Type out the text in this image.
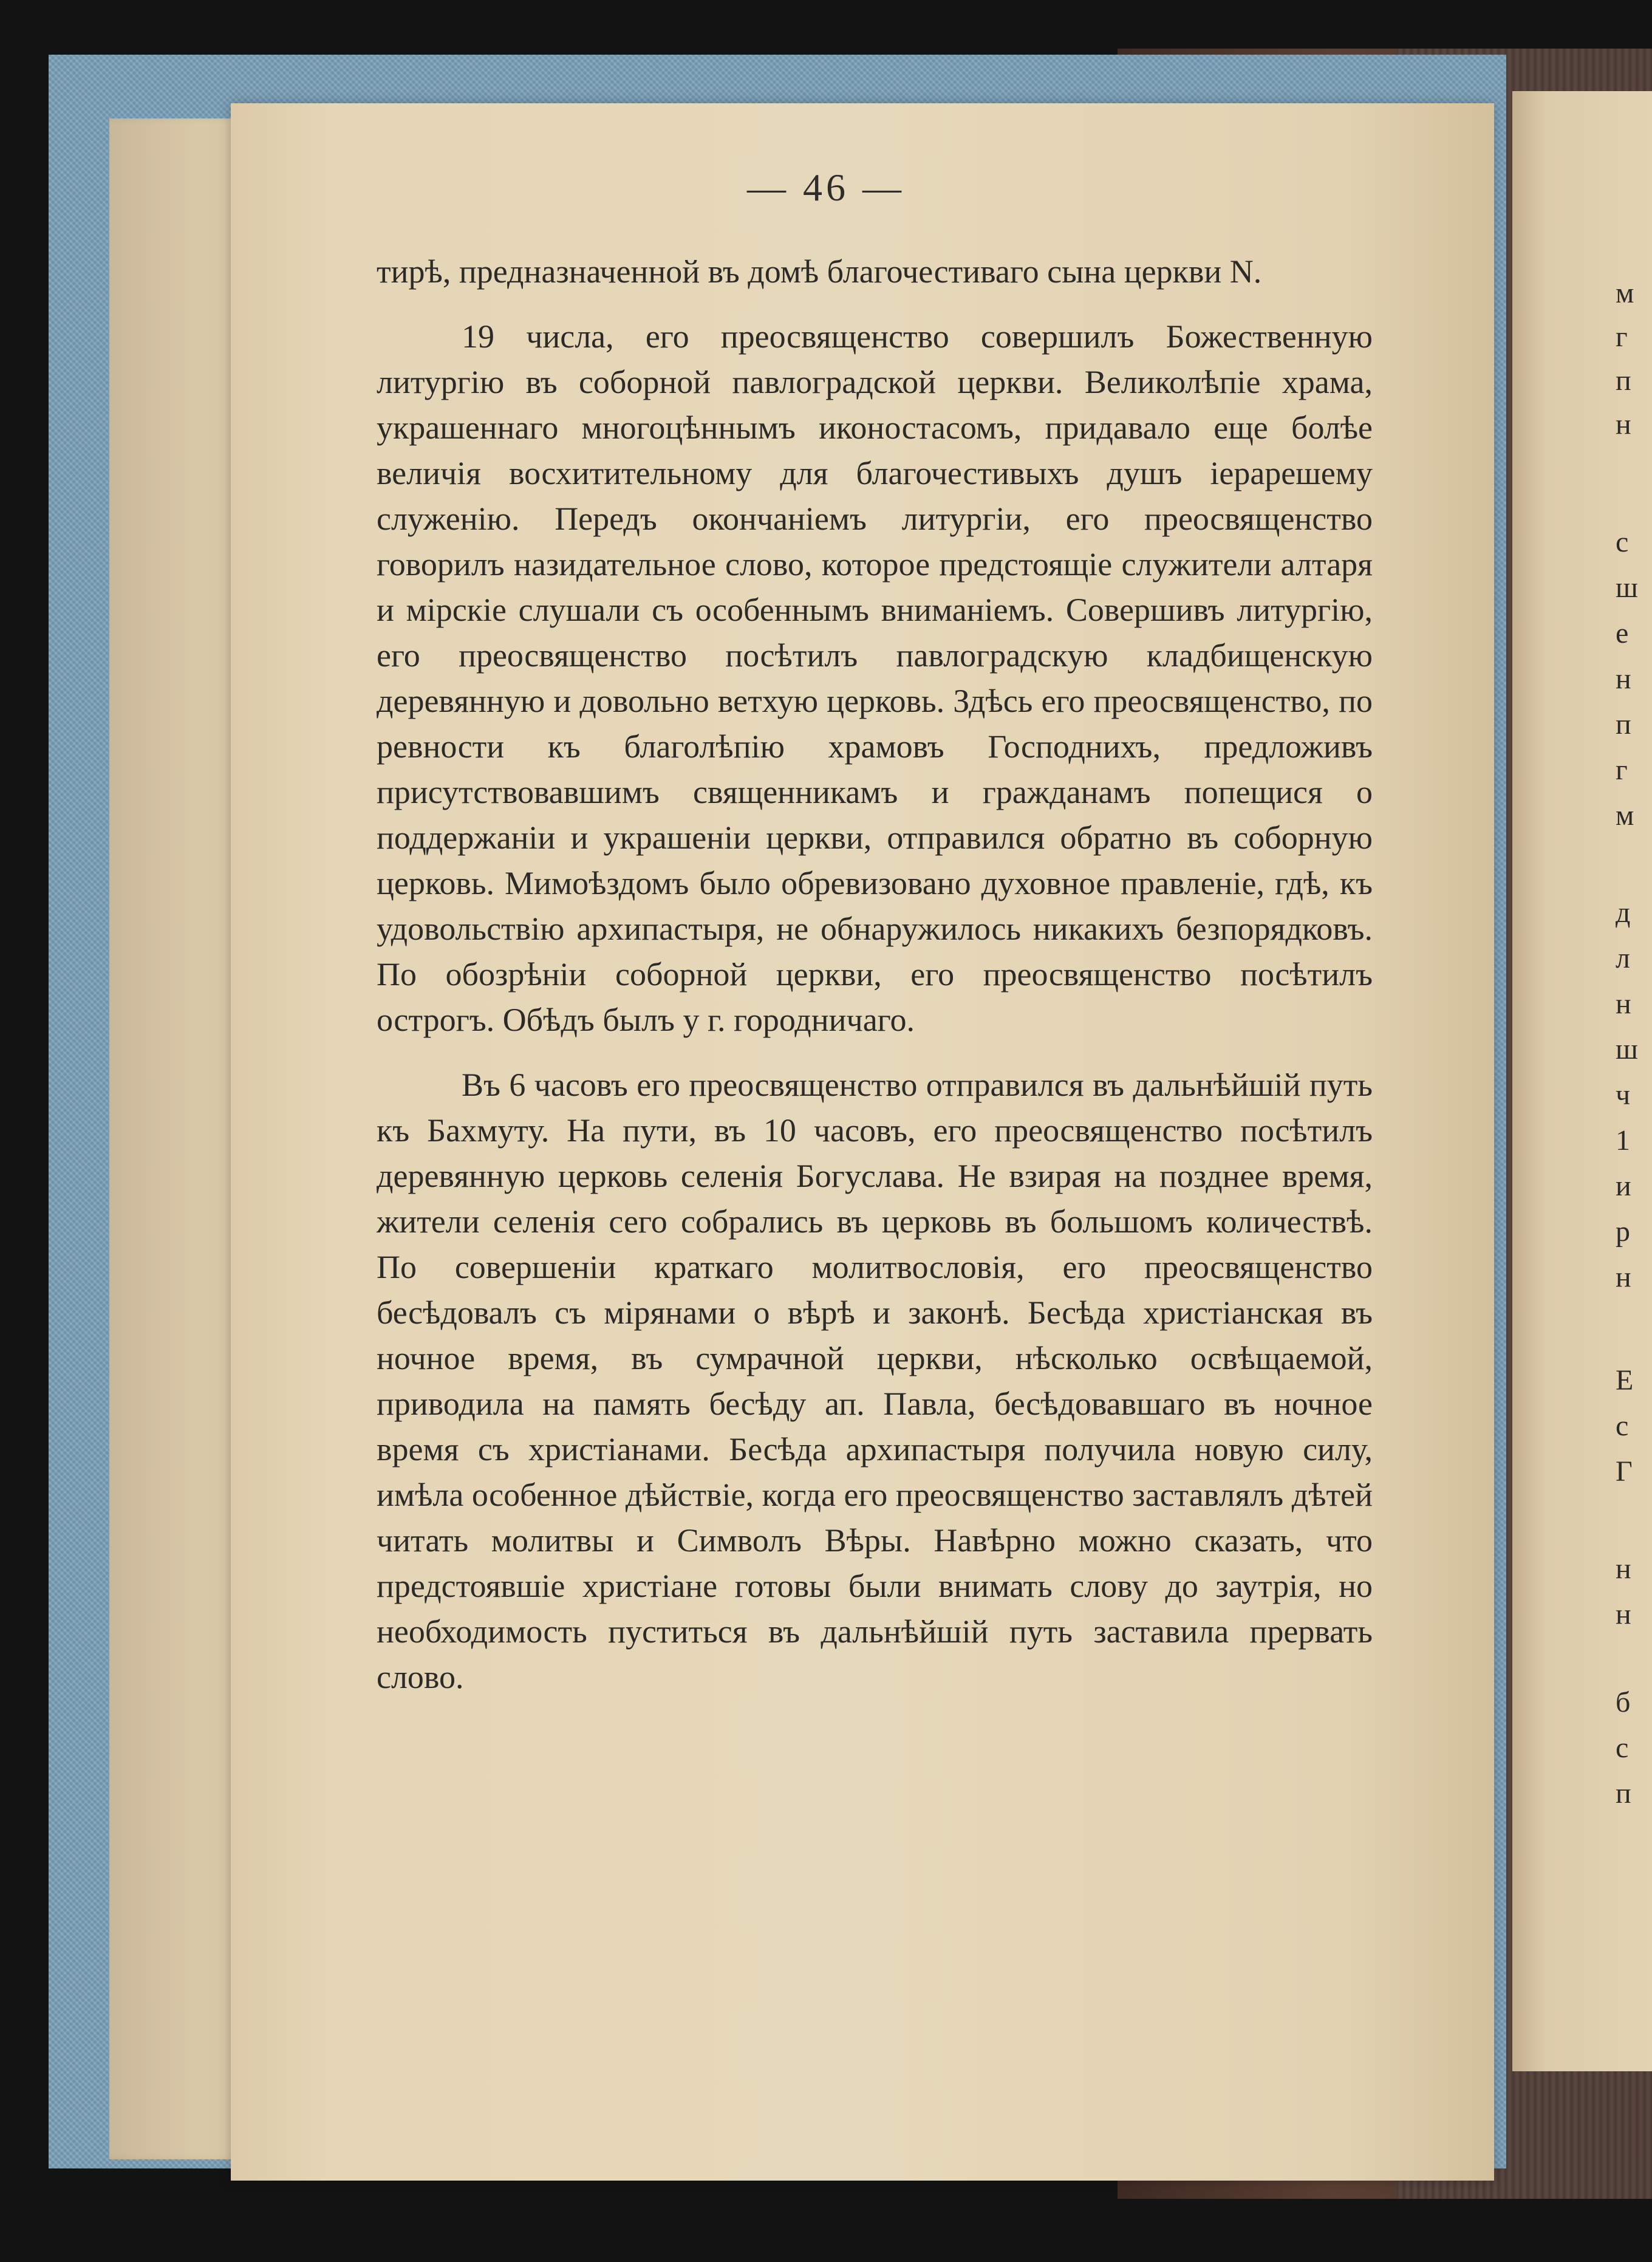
м
г
п
н
с
ш
е
н
п
г
м
д
л
н
ш
ч
1
и
р
н
Е
с
Г
н
н
б
с
п
— 46 —

тирѣ, предназначенной въ домѣ благочестиваго сына церкви N.

19 числа, его преосвященство совершилъ Божественную литургію въ соборной павлоградской церкви. Великолѣпіе храма, украшеннаго многоцѣннымъ иконостасомъ, придавало еще болѣе величія восхитительному для благочестивыхъ душъ іерарешему служенію. Передъ окончаніемъ литургіи, его преосвященство говорилъ назидательное слово, которое предстоящіе служители алтаря и мірскіе слушали съ особеннымъ вниманіемъ. Совершивъ литургію, его преосвященство посѣтилъ павлоградскую кладбищенскую деревянную и довольно ветхую церковь. Здѣсь его преосвященство, по ревности къ благолѣпію храмовъ Господнихъ, предложивъ присутствовавшимъ священникамъ и гражданамъ попещися о поддержаніи и украшеніи церкви, отправился обратно въ соборную церковь. Мимоѣздомъ было обревизовано духовное правленіе, гдѣ, къ удовольствію архипастыря, не обнаружилось никакихъ безпорядковъ. По обозрѣніи соборной церкви, его преосвященство посѣтилъ острогъ. Обѣдъ былъ у г. городничаго.

Въ 6 часовъ его преосвященство отправился въ дальнѣйшій путь къ Бахмуту. На пути, въ 10 часовъ, его преосвященство посѣтилъ деревянную церковь селенія Богуслава. Не взирая на позднее время, жители селенія сего собрались въ церковь въ большомъ количествѣ. По совершеніи краткаго молитвословія, его преосвященство бесѣдовалъ съ мірянами о вѣрѣ и законѣ. Бесѣда христіанская въ ночное время, въ сумрачной церкви, нѣсколько освѣщаемой, приводила на память бесѣду ап. Павла, бесѣдовавшаго въ ночное время съ христіанами. Бесѣда архипастыря получила новую силу, имѣла особенное дѣйствіе, когда его преосвященство заставлялъ дѣтей читать молитвы и Символъ Вѣры. Навѣрно можно сказать, что предстоявшіе христіане готовы были внимать слову до заутрія, но необходимость пуститься въ дальнѣйшій путь заставила прервать слово.
